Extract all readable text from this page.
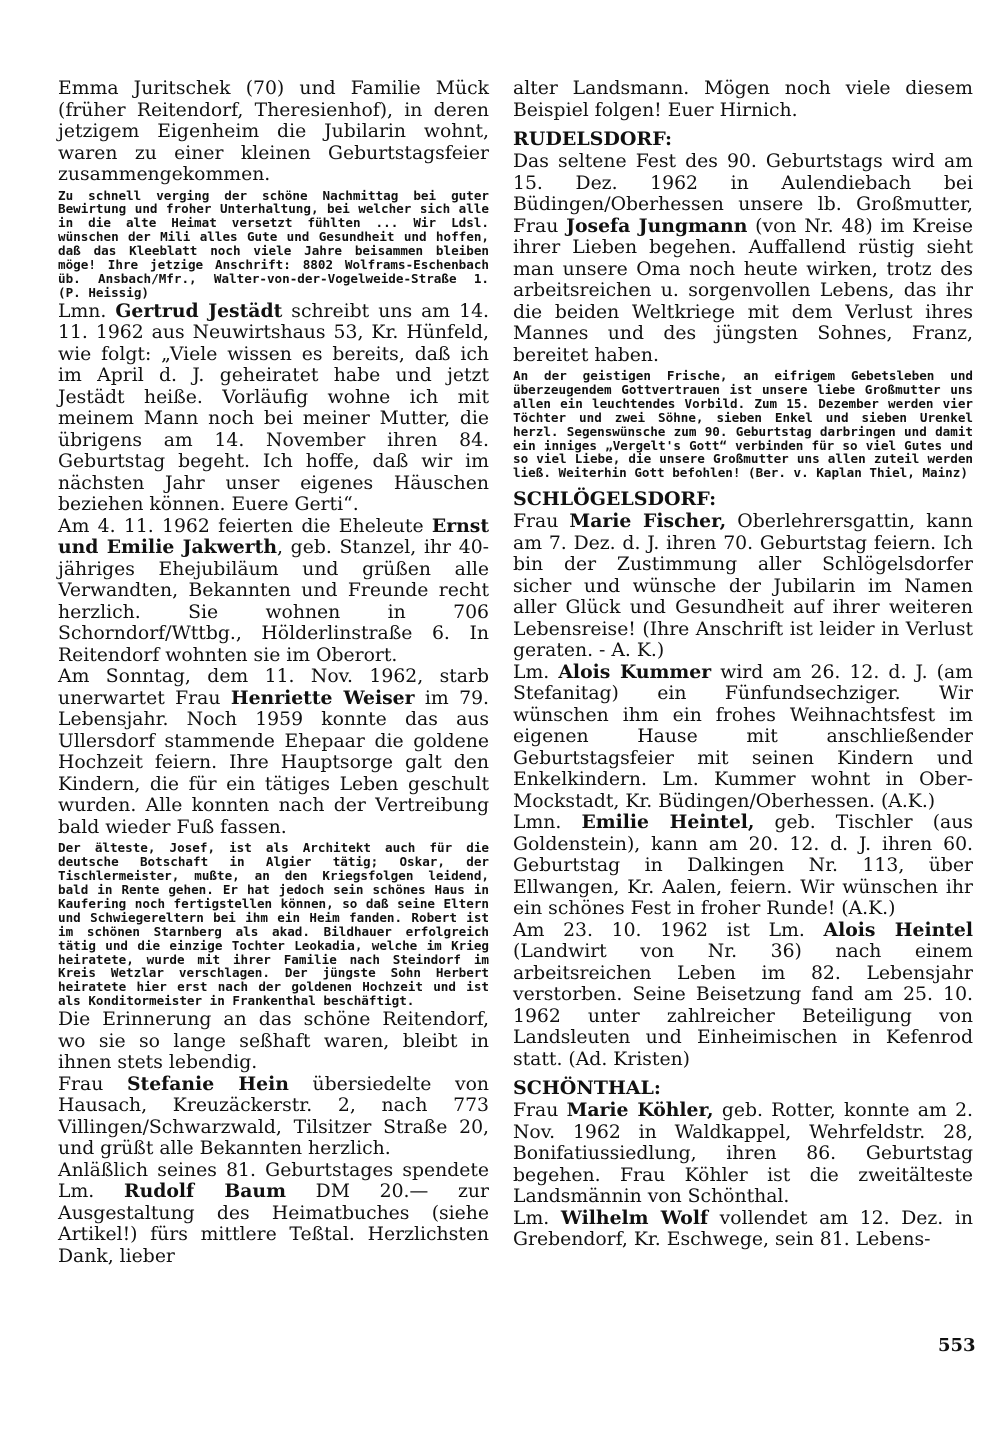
Emma Juritschek (70) und Familie Mück (früher Reitendorf, Theresienhof), in deren jetzigem Eigenheim die Jubilarin wohnt, waren zu einer kleinen Geburtstagsfeier zusammengekommen.

Zu schnell verging der schöne Nachmittag bei guter Bewirtung und froher Unterhaltung, bei welcher sich alle in die alte Heimat versetzt fühlten ... Wir Ldsl. wünschen der Mili alles Gute und Gesundheit und hoffen, daß das Kleeblatt noch viele Jahre beisammen bleiben möge! Ihre jetzige Anschrift: 8802 Wolframs-Eschenbach üb. Ansbach/Mfr., Walter-von-der-Vogelweide-Straße 1. (P. Heissig)

Lmn. Gertrud Jestädt schreibt uns am 14. 11. 1962 aus Neuwirtshaus 53, Kr. Hünfeld, wie folgt: „Viele wissen es bereits, daß ich im April d. J. geheiratet habe und jetzt Jestädt heiße. Vorläufig wohne ich mit meinem Mann noch bei meiner Mutter, die übrigens am 14. November ihren 84. Geburtstag begeht. Ich hoffe, daß wir im nächsten Jahr unser eigenes Häuschen beziehen können. Euere Gerti“.

Am 4. 11. 1962 feierten die Eheleute Ernst und Emilie Jakwerth, geb. Stanzel, ihr 40-jähriges Ehejubiläum und grüßen alle Verwandten, Bekannten und Freunde recht herzlich. Sie wohnen in 706 Schorndorf/Wttbg., Hölderlinstraße 6. In Reitendorf wohnten sie im Oberort.

Am Sonntag, dem 11. Nov. 1962, starb unerwartet Frau Henriette Weiser im 79. Lebensjahr. Noch 1959 konnte das aus Ullersdorf stammende Ehepaar die goldene Hochzeit feiern. Ihre Hauptsorge galt den Kindern, die für ein tätiges Leben geschult wurden. Alle konnten nach der Vertreibung bald wieder Fuß fassen.

Der älteste, Josef, ist als Architekt auch für die deutsche Botschaft in Algier tätig; Oskar, der Tischlermeister, mußte, an den Kriegsfolgen leidend, bald in Rente gehen. Er hat jedoch sein schönes Haus in Kaufering noch fertigstellen können, so daß seine Eltern und Schwiegereltern bei ihm ein Heim fanden. Robert ist im schönen Starnberg als akad. Bildhauer erfolgreich tätig und die einzige Tochter Leokadia, welche im Krieg heiratete, wurde mit ihrer Familie nach Steindorf im Kreis Wetzlar verschlagen. Der jüngste Sohn Herbert heiratete hier erst nach der goldenen Hochzeit und ist als Konditormeister in Frankenthal beschäftigt.

Die Erinnerung an das schöne Reitendorf, wo sie so lange seßhaft waren, bleibt in ihnen stets lebendig.

Frau Stefanie Hein übersiedelte von Hausach, Kreuzäckerstr. 2, nach 773 Villingen/Schwarzwald, Tilsitzer Straße 20, und grüßt alle Bekannten herzlich.

Anläßlich seines 81. Geburtstages spendete Lm. Rudolf Baum DM 20.— zur Ausgestaltung des Heimatbuches (siehe Artikel!) fürs mittlere Teßtal. Herzlichsten Dank, lieber

alter Landsmann. Mögen noch viele diesem Beispiel folgen! Euer Hirnich.

RUDELSDORF:

Das seltene Fest des 90. Geburtstags wird am 15. Dez. 1962 in Aulendiebach bei Büdingen/Oberhessen unsere lb. Großmutter, Frau Josefa Jungmann (von Nr. 48) im Kreise ihrer Lieben begehen. Auffallend rüstig sieht man unsere Oma noch heute wirken, trotz des arbeitsreichen u. sorgenvollen Lebens, das ihr die beiden Weltkriege mit dem Verlust ihres Mannes und des jüngsten Sohnes, Franz, bereitet haben.

An der geistigen Frische, an eifrigem Gebetsleben und überzeugendem Gottvertrauen ist unsere liebe Großmutter uns allen ein leuchtendes Vorbild. Zum 15. Dezember werden vier Töchter und zwei Söhne, sieben Enkel und sieben Urenkel herzl. Segenswünsche zum 90. Geburtstag darbringen und damit ein inniges „Vergelt's Gott“ verbinden für so viel Gutes und so viel Liebe, die unsere Großmutter uns allen zuteil werden ließ. Weiterhin Gott befohlen! (Ber. v. Kaplan Thiel, Mainz)

SCHLÖGELSDORF:

Frau Marie Fischer, Oberlehrersgattin, kann am 7. Dez. d. J. ihren 70. Geburtstag feiern. Ich bin der Zustimmung aller Schlögelsdorfer sicher und wünsche der Jubilarin im Namen aller Glück und Gesundheit auf ihrer weiteren Lebensreise! (Ihre Anschrift ist leider in Verlust geraten. - A. K.)

Lm. Alois Kummer wird am 26. 12. d. J. (am Stefanitag) ein Fünfundsechziger. Wir wünschen ihm ein frohes Weihnachtsfest im eigenen Hause mit anschließender Geburtstagsfeier mit seinen Kindern und Enkelkindern. Lm. Kummer wohnt in Ober-Mockstadt, Kr. Büdingen/Oberhessen. (A.K.)

Lmn. Emilie Heintel, geb. Tischler (aus Goldenstein), kann am 20. 12. d. J. ihren 60. Geburtstag in Dalkingen Nr. 113, über Ellwangen, Kr. Aalen, feiern. Wir wünschen ihr ein schönes Fest in froher Runde! (A.K.)

Am 23. 10. 1962 ist Lm. Alois Heintel (Landwirt von Nr. 36) nach einem arbeitsreichen Leben im 82. Lebensjahr verstorben. Seine Beisetzung fand am 25. 10. 1962 unter zahlreicher Beteiligung von Landsleuten und Einheimischen in Kefenrod statt. (Ad. Kristen)

SCHÖNTHAL:

Frau Marie Köhler, geb. Rotter, konnte am 2. Nov. 1962 in Waldkappel, Wehrfeldstr. 28, Bonifatiussiedlung, ihren 86. Geburtstag begehen. Frau Köhler ist die zweitälteste Landsmännin von Schönthal.

Lm. Wilhelm Wolf vollendet am 12. Dez. in Grebendorf, Kr. Eschwege, sein 81. Lebens-

553
